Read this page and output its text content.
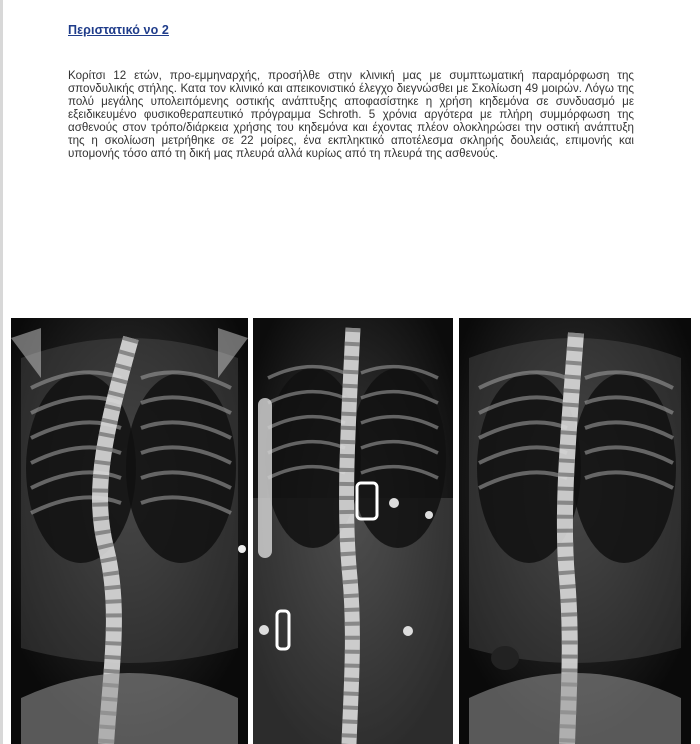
Περιστατικό νο 2

Κορίτσι 12 ετών, προ-εμμηναρχής, προσήλθε στην κλινική μας με συμπτωματική παραμόρφωση της σπονδυλικής στήλης. Κατα τον κλινικό και απεικονιστικό έλεγχο διεγνώσθει με Σκολίωση 49 μοιρών. Λόγω της πολύ μεγάλης υπολειπόμενης οστικής ανάπτυξης αποφασίστηκε η χρήση κηδεμόνα σε συνδυασμό με εξειδικευμένο φυσικοθεραπευτικό πρόγραμμα Schroth. 5 χρόνια αργότερα με πλήρη συμμόρφωση της ασθενούς στον τρόπο/διάρκεια χρήσης του κηδεμόνα και έχοντας πλέον ολοκληρώσει την οστική ανάπτυξη της η σκολίωση μετρήθηκε σε 22 μοίρες, ένα εκπληκτικό αποτέλεσμα σκληρής δουλειάς, επιμονής και υπομονής τόσο από τη δική μας πλευρά αλλά κυρίως από τη πλευρά της ασθενούς.
